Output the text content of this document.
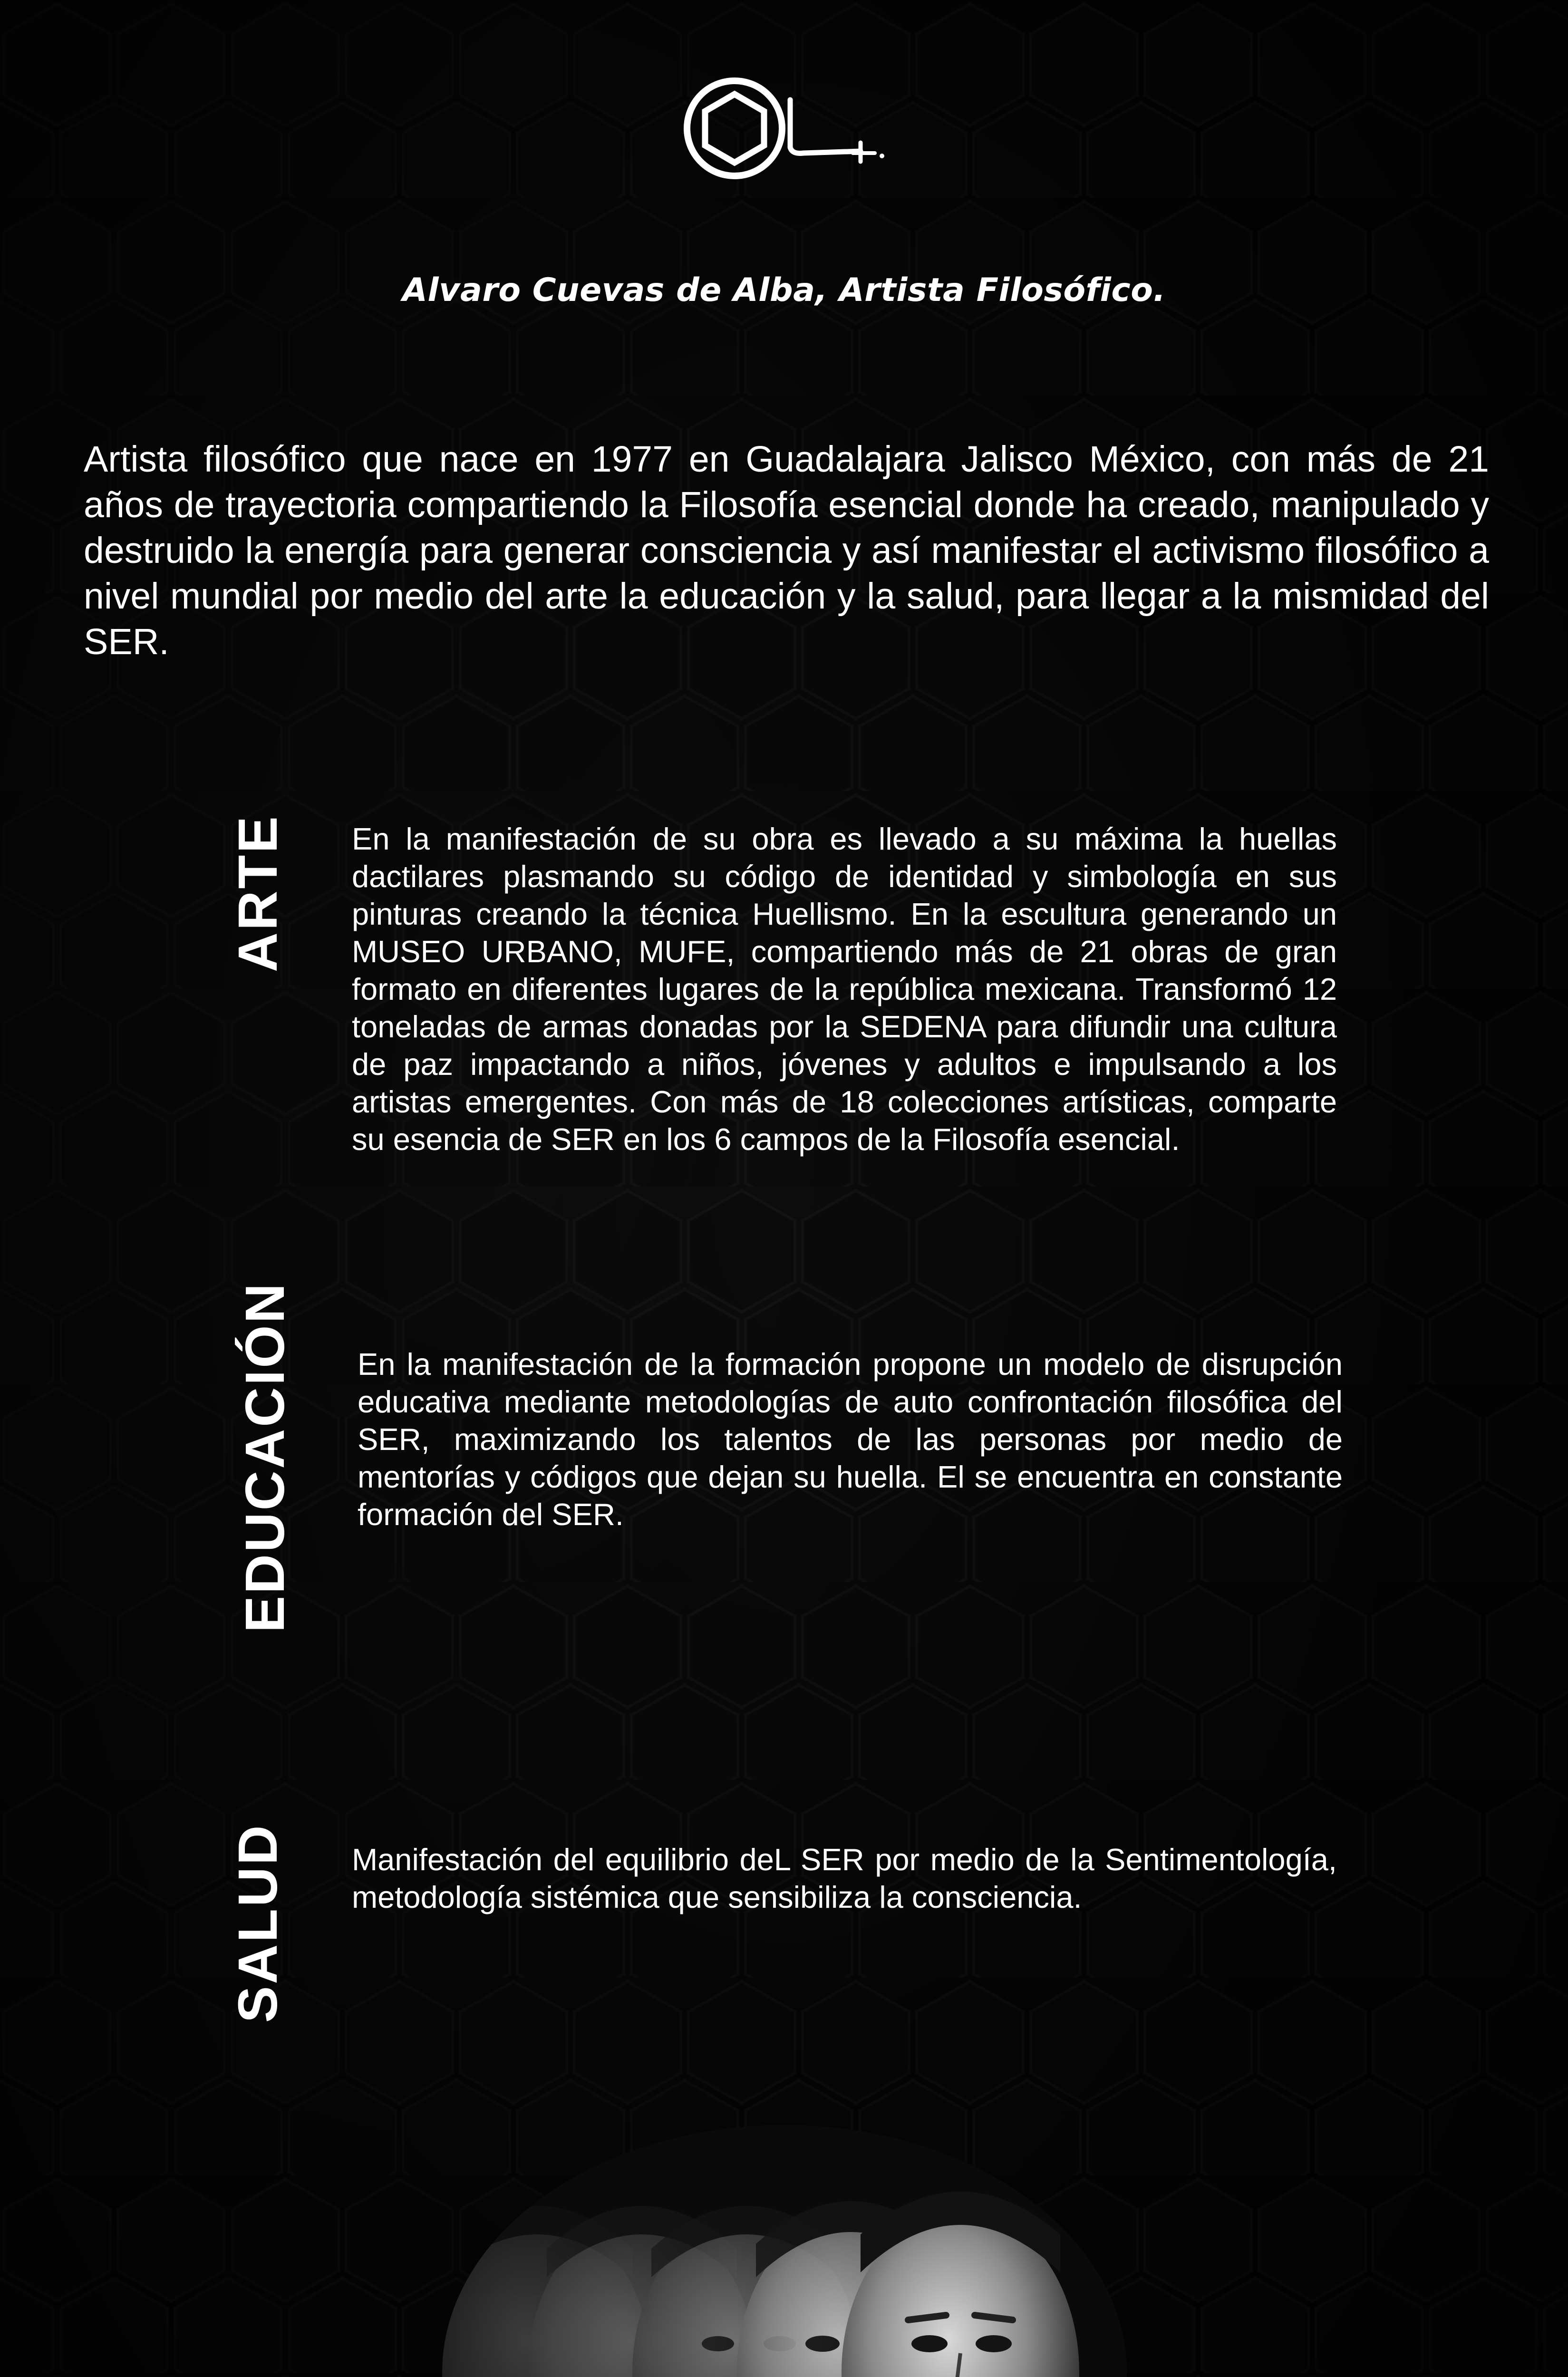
Alvaro Cuevas de Alba, Artista Filosófico.
Artista filosófico que nace en 1977 en Guadalajara Jalisco México, con más de 21 años de trayectoria compartiendo la Filosofía esencial donde ha creado, manipulado y destruido la energía para generar consciencia y así manifestar el activismo filosófico a nivel mundial por medio del arte la educación y la salud, para llegar a la mismidad del SER.
ARTE En la manifestación de su obra es llevado a su máxima la huellas dactilares plasmando su código de identidad y simbología en sus pinturas creando la técnica Huellismo. En la escultura generando un MUSEO URBANO, MUFE, compartiendo más de 21 obras de gran formato en diferentes lugares de la república mexicana. Transformó 12 toneladas de armas donadas por la SEDENA para difundir una cultura de paz impactando a niños, jóvenes y adultos e impulsando a los artistas emergentes. Con más de 18 colecciones artísticas, comparte su esencia de SER en los 6 campos de la Filosofía esencial.
EDUCACIÓN En la manifestación de la formación propone un modelo de disrupción educativa mediante metodologías de auto confrontación filosófica del SER, maximizando los talentos de las personas por medio de mentorías y códigos que dejan su huella. El se encuentra en constante formación del SER.
SALUD Manifestación del equilibrio deL SER por medio de la Sentimentología, metodología sistémica que sensibiliza la consciencia.
